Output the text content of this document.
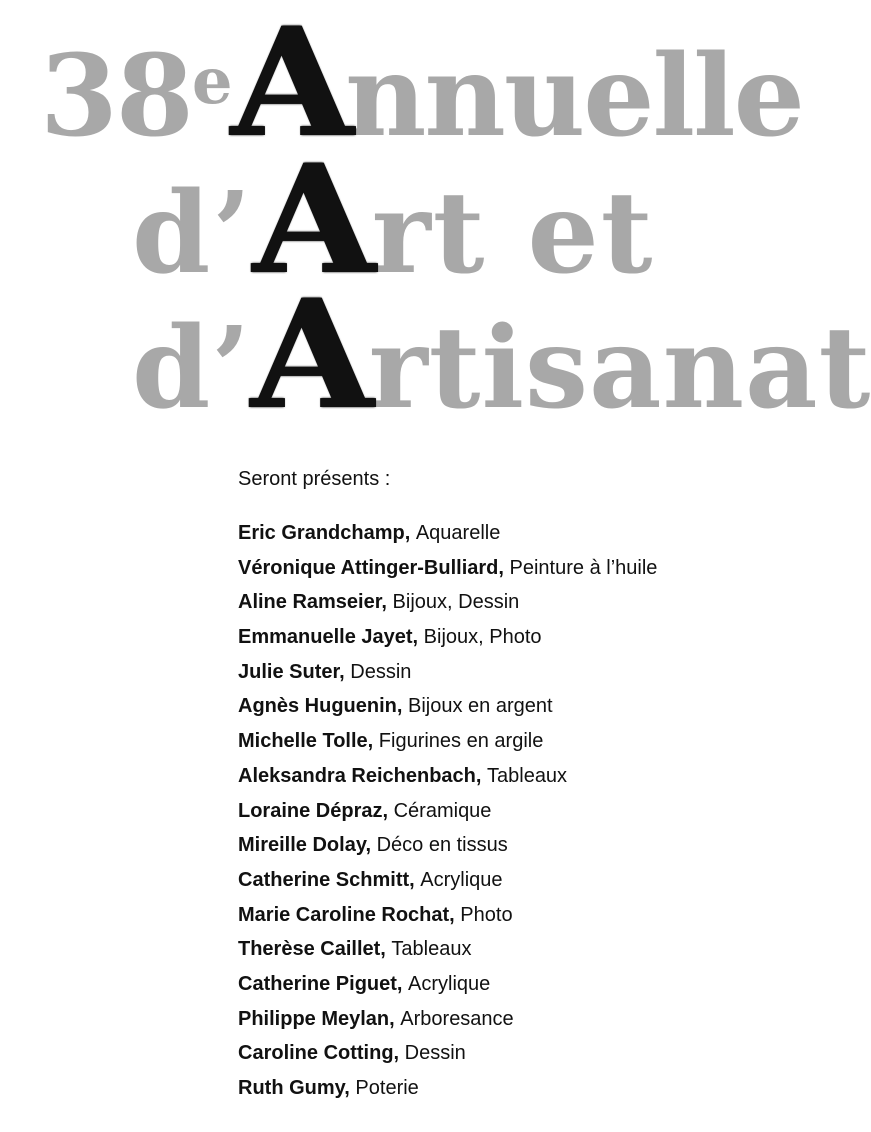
38eAnnuelle
d’Art et
d’Artisanat
Seront présents :
Eric Grandchamp, Aquarelle
Véronique Attinger-Bulliard, Peinture à l’huile
Aline Ramseier, Bijoux, Dessin
Emmanuelle Jayet, Bijoux, Photo
Julie Suter, Dessin
Agnès Huguenin, Bijoux en argent
Michelle Tolle, Figurines en argile
Aleksandra Reichenbach, Tableaux
Loraine Dépraz, Céramique
Mireille Dolay, Déco en tissus
Catherine Schmitt, Acrylique
Marie Caroline Rochat, Photo
Therèse Caillet, Tableaux
Catherine Piguet, Acrylique
Philippe Meylan, Arboresance
Caroline Cotting, Dessin
Ruth Gumy, Poterie
